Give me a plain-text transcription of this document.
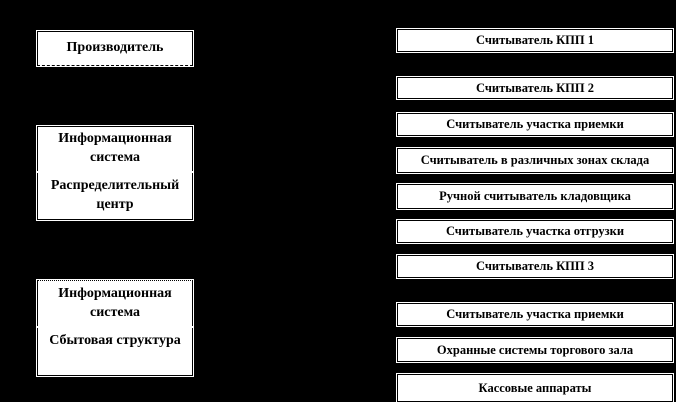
Производитель
Информационная система
Распределительный центр
Информационная система
Сбытовая структура
Считыватель КПП 1
Считыватель КПП 2
Считыватель участка приемки
Считыватель в различных зонах склада
Ручной считыватель кладовщика
Считыватель участка отгрузки
Считыватель КПП 3
Считыватель участка приемки
Охранные системы торгового зала
Кассовые аппараты
